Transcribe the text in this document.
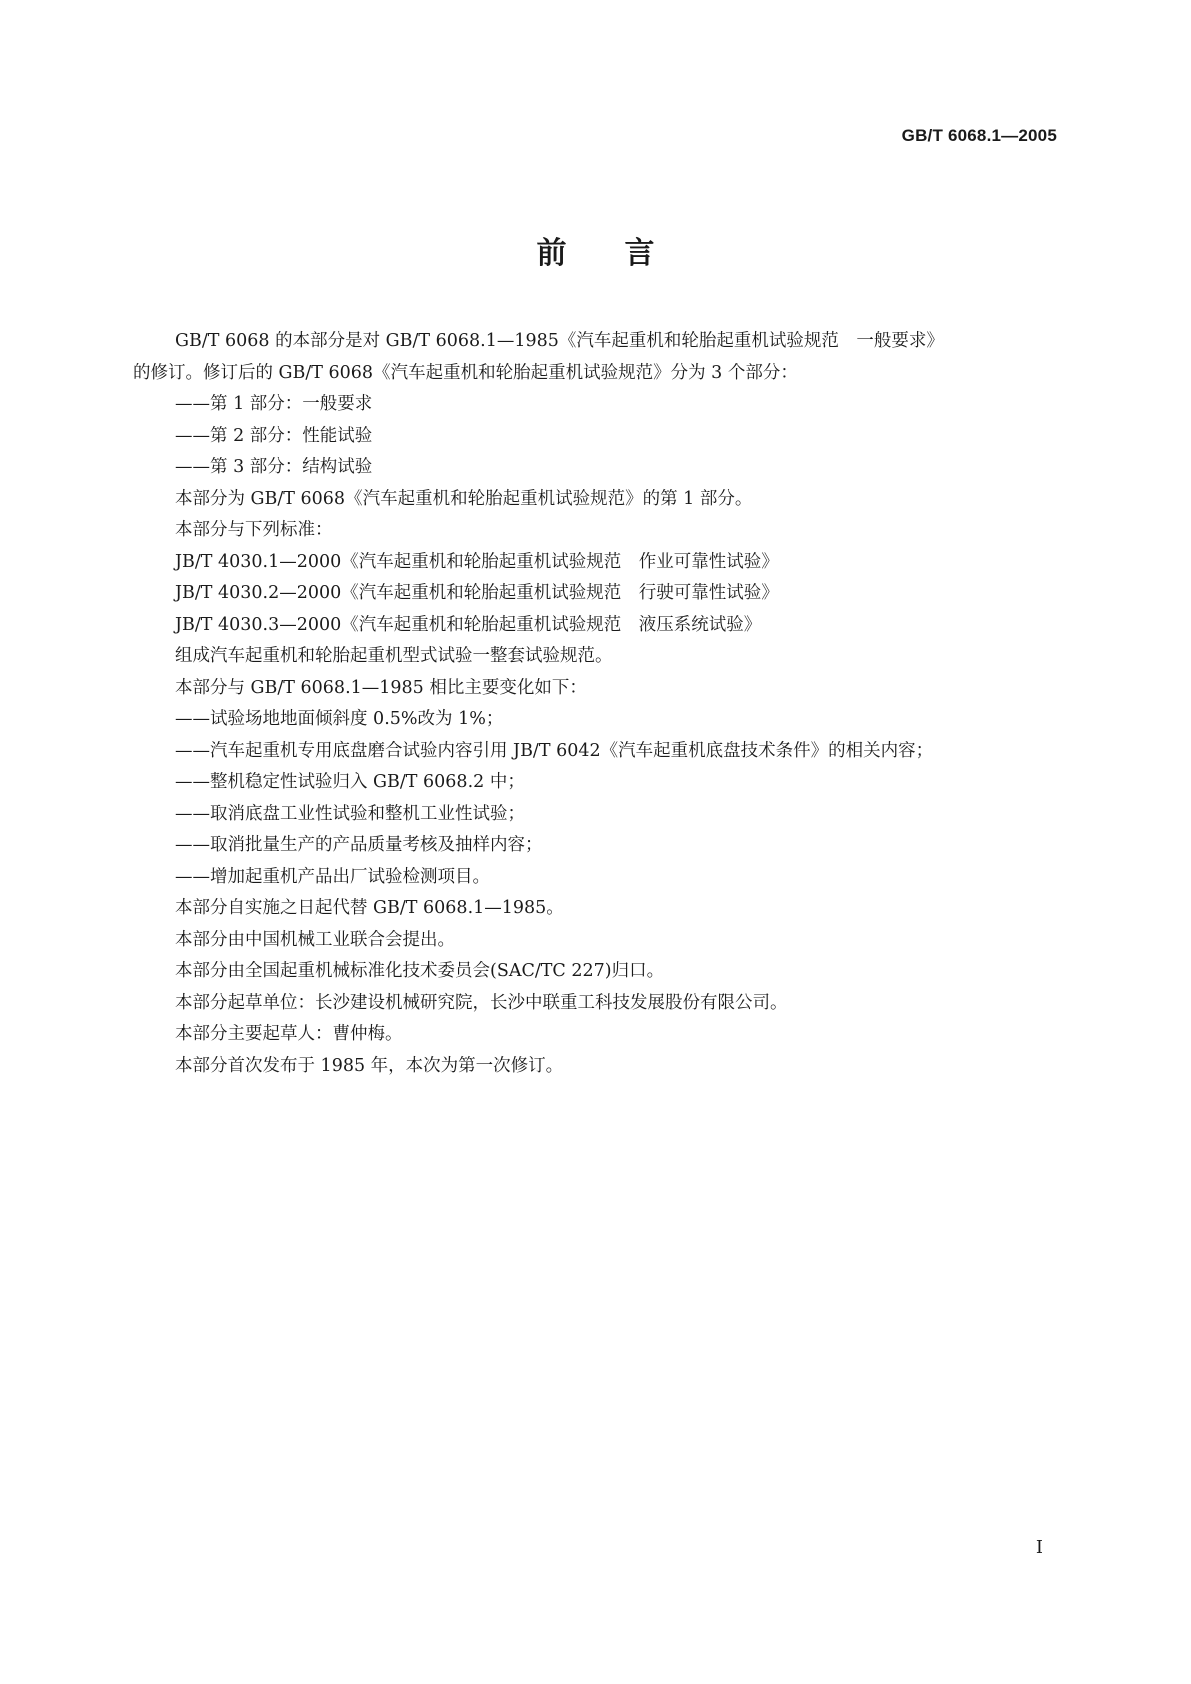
GB/T 6068.1—2005
前 言
GB/T 6068 的本部分是对 GB/T 6068.1—1985《汽车起重机和轮胎起重机试验规范　一般要求》
的修订。修订后的 GB/T 6068《汽车起重机和轮胎起重机试验规范》分为 3 个部分：
——第 1 部分：一般要求
——第 2 部分：性能试验
——第 3 部分：结构试验
本部分为 GB/T 6068《汽车起重机和轮胎起重机试验规范》的第 1 部分。
本部分与下列标准：
JB/T 4030.1—2000《汽车起重机和轮胎起重机试验规范　作业可靠性试验》
JB/T 4030.2—2000《汽车起重机和轮胎起重机试验规范　行驶可靠性试验》
JB/T 4030.3—2000《汽车起重机和轮胎起重机试验规范　液压系统试验》
组成汽车起重机和轮胎起重机型式试验一整套试验规范。
本部分与 GB/T 6068.1—1985 相比主要变化如下：
——试验场地地面倾斜度 0.5%改为 1%；
——汽车起重机专用底盘磨合试验内容引用 JB/T 6042《汽车起重机底盘技术条件》的相关内容；
——整机稳定性试验归入 GB/T 6068.2 中；
——取消底盘工业性试验和整机工业性试验；
——取消批量生产的产品质量考核及抽样内容；
——增加起重机产品出厂试验检测项目。
本部分自实施之日起代替 GB/T 6068.1—1985。
本部分由中国机械工业联合会提出。
本部分由全国起重机械标准化技术委员会(SAC/TC 227)归口。
本部分起草单位：长沙建设机械研究院，长沙中联重工科技发展股份有限公司。
本部分主要起草人：曹仲梅。
本部分首次发布于 1985 年，本次为第一次修订。
I
